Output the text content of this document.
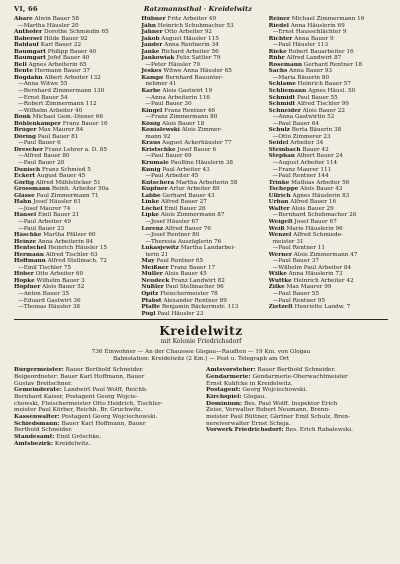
VI, 66	Ratzmannsthal · Kreidelwitz
Abare Alwin Bauer 58
—Martha Häusler 20
Anthofer Dorothe Schmiedin 65
Babersel Hilde Bauer 92
Baldauf Karl Bauer 22
Baumgart Philipp Bauer 40
Baumgart Jofef Bauer 40
Bell Agnes Arbeiterin 65
Bente Hermann Bauer 37
Bogdahn Albert Arbeiter 132
—Anna Witwe 55
—Bernhard Zimmermann 130
—Ernst Bauer 54
—Robert Zimmermann 112
—Wilhelm Arbeiter 40
Bonk Michael Gem.-Diener 66
Böhlenkämper Franz Bauer 16
Brüger Max Maurer 84
Döring Paul Bauer 81
—Paul Bauer 6
Drescher Franz Lehrer a. D. 85
—Alfred Bauer 80
—Paul Bauer 20
Dunisch Franz Schmied 5
Eckert August Bauer 45
Görlig Alfred Mühlstöcker 51
Grossmann Reinh. Arbeiter 50a
Glässe Paul Zimmermann 71
Hahn Josef Häusler 61
—Josef Maurer 74
Hänsel Emil Bauer 21
—Paul Arbeiter 49
—Paul Bauer 23
Häschke Martha Pfälzer 60
Heinze Anna Arbeiterin 84
Hentschel Heinrich Häusler 15
Hermann Alfred Tischler 63
Hoffmann Alfred Stellmach. 72
—Emil Tischler 75
Höber Otto Arbeiter 60
Hopke Wilhelm Bauer 3
Höpfner Alois Bauer 52
—Anton Bauer 35
—Eduard Gastwirt 36
—Thomas Häusler 38
Hübner Fritz Arbeiter 49
Jähn Heinrich Schuhmacher 53
Jahner Otto Arbeiter 92
Jakob August Häusler 115
Jander Anna Rentnerin 34
Janke Richard Arbeiter 56
Jankowiak Felix Sattler 79
—Peter Häusler 79
Jeskes Witwe Anna Häusler 65
Kampe Bernhard Bauunter-
nehmer 41
Karbe Alois Gastwirt 19
—Anna Arbeiterin 116
—Paul Bauer 30
Kingel Franz Rentner 46
—Franz Zimmermann 80
König Alois Bauer 18
Konialewski Alois Zimmer-
mann 92
Kraus August Ackerhäusler 77
Kristschke Josef Bauer 6
—Paul Bauer 69
Krumale Paulline Häuslerin 38
Kunig Paul Arbeiter 43
—Paul Arbeiter 45
Kutschera Martha Arbeiterin 58
Kupfner Artur Arbeiter 89
Labbe Gerhard Bauer 43
Linke Alfred Bauer 27
Löchel Emil Bauer 26
Lipke Alois Zimmermann 87
—Josef Häusler 67
Lorenz Alfred Bauer 76
—Josef Rentner 80
—Theresia Auszüglerin 76
Lukasjewitz Martha Landarbei-
terin 21
May Paul Rentner 65
Meißner Franz Bauer 17
Müller Alois Bauer 45
Neudeck Franz Landwirt 82
Nüßler Paul Stellmacher 96
Opitz Fleischermeister 78
Pfabst Alexander Rentner 89
Pfaffe Benjamin Bäckermstr. 113
Pögl Paul Häusler 23
Reiner Michael Zimmermann 16
Riedel Anna Häuslerin 69
—Ernst Hausschlächter 9
Richter Anna Bauer 9
—Paul Häusler 113
Rieke Robert Bauarbeiter 16
Rühr Alfred Landwirt 87
Rosemann Gerhard Rentner 18
Sachs Anna Bauer 93
—Maria Bäuerin 80
Schlame Heinrich Bauer 57
Schliemann Agnes Häusl. 50
Schmidt Paul Bauer 55
Schmidt Alfred Tischler 99
Schneider Alois Bauer 22
—Anna Gastwirtin 52
—Paul Bauer 64
Schulz Berta Bäuerin 38
—Otto Zimmerer 23
Seidel Arbeiter 34
Steinbach Bauer 42
Stephan Albert Bauer 24
—August Arbeiter 114
—Franz Maurer 111
—Paul Rentner 144
Trinke Mathias Arbeiter 56
Tscheppe Alois Bauer 43
Ullrich Agnes Häuslerin 83
Urban Alfred Bauer 16
Walter Alois Bauer 29
—Bernhard Schuhmacher 26
Weigelt Josef Bauer 67
Weiß Marie Häuslerin 96
Wenzel Alfred Schmiede-
meister 31
—Paul Rentner 11
Werner Alois Zimmermann 47
—Paul Bauer 37
—Wilhelm Paul Arbeiter 84
Wilke Anna Häuslerin 73
Wuttke Heinrich Arbeiter 42
Zilke Max Maurer 99
—Paul Bauer 55
—Paul Rentner 95
Zietzelt Henriette Landw. 7
Kreidelwitz
mit Kolonie Friedrichsdorf
736 Einwohner — An der Chaussee Glogau—Raudten — 19 Km. von Glogau
Bahnstation: Kreidelwitz (2 Km.) — Post u. Telegraph am Ort
Bürgermeister: Bauer Berthold Schneider.
Beigeordneter: Bauer Karl Hoffmann, Bauer
Gustav Breitschner.
Gemeinderäte: Landwirt Paul Wolff, Reichb.
Bernhard Kaiser, Postagent Georg Wojcie-
chowski, Fleischermeister Otto Heidrich, Tischler-
meister Paul Körber, Reichb. Br. Gruchwitz.
Kassenwalter: Postagent Georg Wojciechowski.
Schiedsmann: Bauer Karl Hoffmann, Bauer
Berthold Schneider.
Standesamt: Emil Gröschke.
Amtsbezirk: Kreidelwitz.
Amtsvorsteher: Bauer Berthold Schneider.
Gendarmerie: Gendarmerie-Oberwachtmeister
Ernst Kuhfcke in Kreidelwitz.
Postagent: Georg Wojciechowski.
Kirchspiel: Glogau.
Dominium: Bes. Paul Wolff. Inspektor Erich
Zeise, Verwalter Robert Neumann, Brenn-
meister Paul Büttner, Gärtner Emil Schulz, Bren-
nereiverwalter Ernst Scheja.
Vorwerk Friedrichsdorf: Bes. Erich Rabalewski.
